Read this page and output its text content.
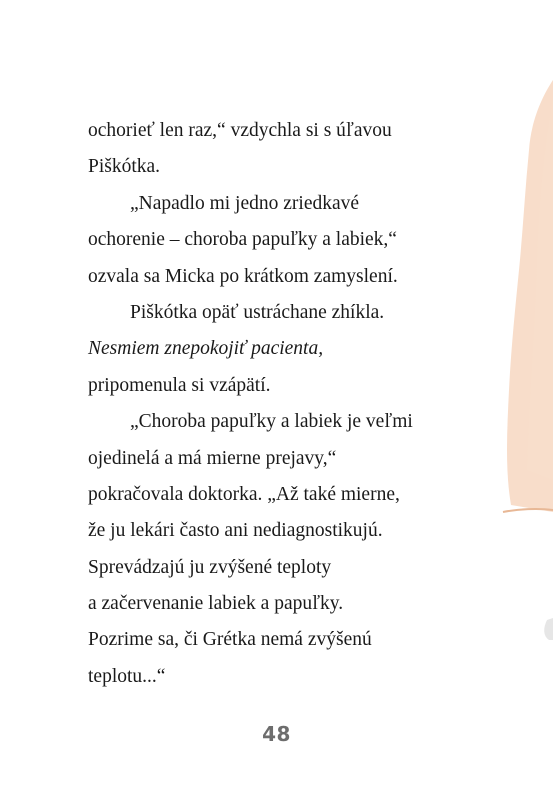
ochorieť len raz,“ vzdychla si s úľavou
Piškótka.
„Napadlo mi jedno zriedkavé
ochorenie – choroba papuľky a labiek,“
ozvala sa Micka po krátkom zamyslení.
Piškótka opäť ustráchane zhíkla.
Nesmiem znepokojiť pacienta,
pripomenula si vzápätí.
„Choroba papuľky a labiek je veľmi
ojedinelá a má mierne prejavy,“
pokračovala doktorka. „Až také mierne,
že ju lekári často ani nediagnostikujú.
Sprevádzajú ju zvýšené teploty
a začervenanie labiek a papuľky.
Pozrime sa, či Grétka nemá zvýšenú
teplotu...“
48
